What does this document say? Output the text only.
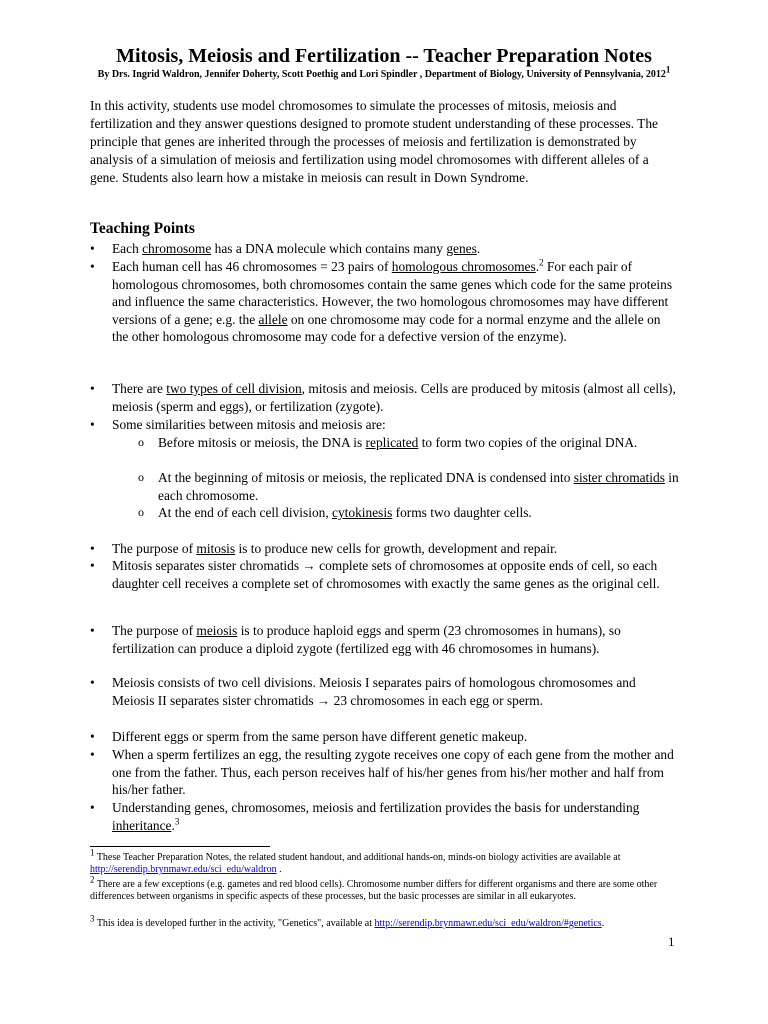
Mitosis, Meiosis and Fertilization -- Teacher Preparation Notes
By Drs. Ingrid Waldron, Jennifer Doherty, Scott Poethig and Lori Spindler , Department of Biology, University of Pennsylvania, 2012$^1$
In this activity, students use model chromosomes to simulate the processes of mitosis, meiosis and fertilization and they answer questions designed to promote student understanding of these processes. The principle that genes are inherited through the processes of meiosis and fertilization is demonstrated by analysis of a simulation of meiosis and fertilization using model chromosomes with different alleles of a gene. Students also learn how a mistake in meiosis can result in Down Syndrome.
Teaching Points
•	Each chromosome has a DNA molecule which contains many genes.
•	Each human cell has 46 chromosomes = 23 pairs of homologous chromosomes.$^2$ For each pair of homologous chromosomes, both chromosomes contain the same genes which code for the same proteins and influence the same characteristics. However, the two homologous chromosomes may have different versions of a gene; e.g. the allele on one chromosome may code for a normal enzyme and the allele on the other homologous chromosome may code for a defective version of the enzyme).
•	There are two types of cell division, mitosis and meiosis. Cells are produced by mitosis (almost all cells), meiosis (sperm and eggs), or fertilization (zygote).
•	Some similarities between mitosis and meiosis are:
o	Before mitosis or meiosis, the DNA is replicated to form two copies of the original DNA.
o	At the beginning of mitosis or meiosis, the replicated DNA is condensed into sister chromatids in each chromosome.
o	At the end of each cell division, cytokinesis forms two daughter cells.
•	The purpose of mitosis is to produce new cells for growth, development and repair.
•	Mitosis separates sister chromatids → complete sets of chromosomes at opposite ends of cell, so each daughter cell receives a complete set of chromosomes with exactly the same genes as the original cell.
•	The purpose of meiosis is to produce haploid eggs and sperm (23 chromosomes in humans), so fertilization can produce a diploid zygote (fertilized egg with 46 chromosomes in humans).
•	Meiosis consists of two cell divisions. Meiosis I separates pairs of homologous chromosomes and Meiosis II separates sister chromatids → 23 chromosomes in each egg or sperm.
•	Different eggs or sperm from the same person have different genetic makeup.
•	When a sperm fertilizes an egg, the resulting zygote receives one copy of each gene from the mother and one from the father. Thus, each person receives half of his/her genes from his/her mother and half from his/her father.
•	Understanding genes, chromosomes, meiosis and fertilization provides the basis for understanding inheritance.$^3$
$^1$ These Teacher Preparation Notes, the related student handout, and additional hands-on, minds-on biology activities are available at http://serendip.brynmawr.edu/sci_edu/waldron .
$^2$ There are a few exceptions (e.g. gametes and red blood cells). Chromosome number differs for different organisms and there are some other differences between organisms in specific aspects of these processes, but the basic processes are similar in all eukaryotes.
$^3$ This idea is developed further in the activity, "Genetics", available at http://serendip.brynmawr.edu/sci_edu/waldron/#genetics.
1
